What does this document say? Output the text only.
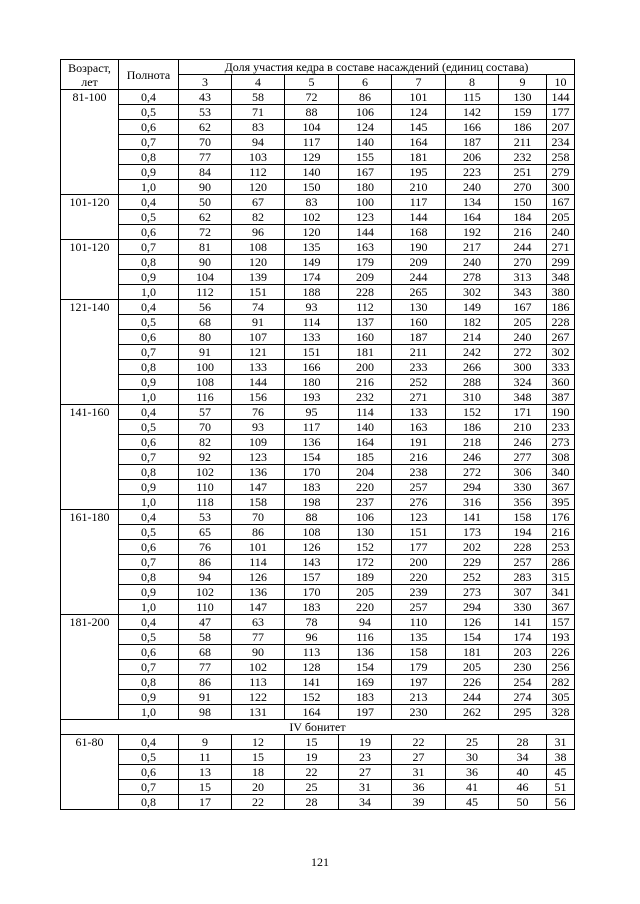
Возраст, лет	Полнота	Доля участия кедра в составе насаждений (единиц состава)							
		3	4	5	6	7	8	9	10
81-100	0,4	43	58	72	86	101	115	130	144
	0,5	53	71	88	106	124	142	159	177
	0,6	62	83	104	124	145	166	186	207
	0,7	70	94	117	140	164	187	211	234
	0,8	77	103	129	155	181	206	232	258
	0,9	84	112	140	167	195	223	251	279
	1,0	90	120	150	180	210	240	270	300
101-120	0,4	50	67	83	100	117	134	150	167
	0,5	62	82	102	123	144	164	184	205
	0,6	72	96	120	144	168	192	216	240
101-120	0,7	81	108	135	163	190	217	244	271
	0,8	90	120	149	179	209	240	270	299
	0,9	104	139	174	209	244	278	313	348
	1,0	112	151	188	228	265	302	343	380
121-140	0,4	56	74	93	112	130	149	167	186
	0,5	68	91	114	137	160	182	205	228
	0,6	80	107	133	160	187	214	240	267
	0,7	91	121	151	181	211	242	272	302
	0,8	100	133	166	200	233	266	300	333
	0,9	108	144	180	216	252	288	324	360
	1,0	116	156	193	232	271	310	348	387
141-160	0,4	57	76	95	114	133	152	171	190
	0,5	70	93	117	140	163	186	210	233
	0,6	82	109	136	164	191	218	246	273
	0,7	92	123	154	185	216	246	277	308
	0,8	102	136	170	204	238	272	306	340
	0,9	110	147	183	220	257	294	330	367
	1,0	118	158	198	237	276	316	356	395
161-180	0,4	53	70	88	106	123	141	158	176
	0,5	65	86	108	130	151	173	194	216
	0,6	76	101	126	152	177	202	228	253
	0,7	86	114	143	172	200	229	257	286
	0,8	94	126	157	189	220	252	283	315
	0,9	102	136	170	205	239	273	307	341
	1,0	110	147	183	220	257	294	330	367
181-200	0,4	47	63	78	94	110	126	141	157
	0,5	58	77	96	116	135	154	174	193
	0,6	68	90	113	136	158	181	203	226
	0,7	77	102	128	154	179	205	230	256
	0,8	86	113	141	169	197	226	254	282
	0,9	91	122	152	183	213	244	274	305
	1,0	98	131	164	197	230	262	295	328
IV бонитет									
61-80	0,4	9	12	15	19	22	25	28	31
	0,5	11	15	19	23	27	30	34	38
	0,6	13	18	22	27	31	36	40	45
	0,7	15	20	25	31	36	41	46	51
	0,8	17	22	28	34	39	45	50	56
121
